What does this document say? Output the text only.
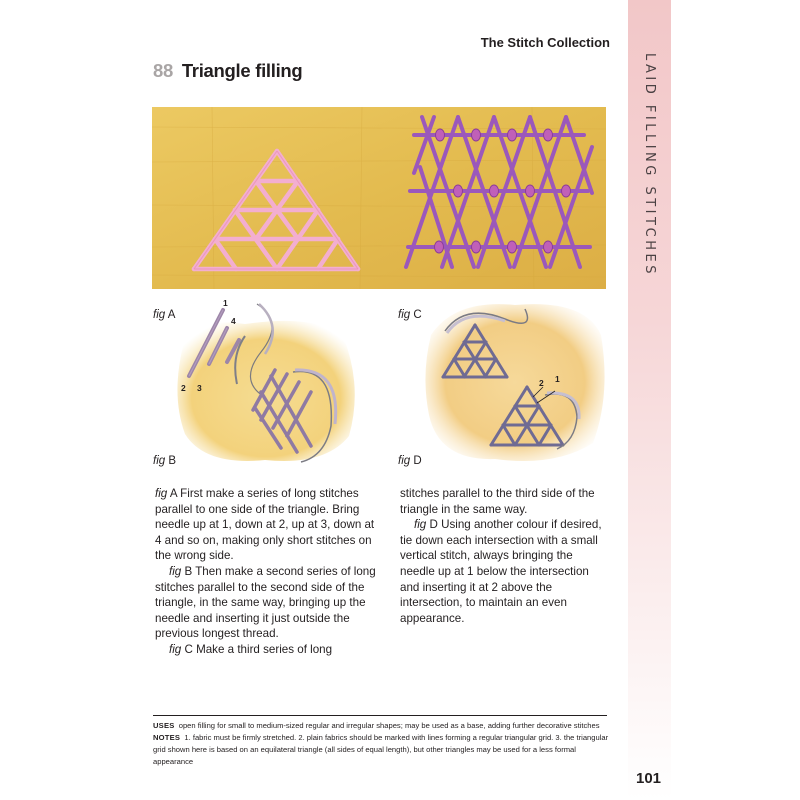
LAID FILLING STITCHES
The Stitch Collection
88 Triangle filling
fig A
fig B
fig C
fig D
1
4
2 3	2 1

fig A First make a series of long stitches parallel to one side of the triangle. Bring needle up at 1, down at 2, up at 3, down at 4 and so on, making only short stitches on the wrong side.

fig B Then make a second series of long stitches parallel to the second side of the triangle, in the same way, bringing up the needle and inserting it just outside the previous longest thread.

fig C Make a third series of long

stitches parallel to the third side of the triangle in the same way.

fig D Using another colour if desired, tie down each intersection with a small vertical stitch, always bringing the needle up at 1 below the intersection and inserting it at 2 above the intersection, to maintain an even appearance.

USES open filling for small to medium-sized regular and irregular shapes; may be used as a base, adding further decorative stitches

NOTES 1. fabric must be firmly stretched. 2. plain fabrics should be marked with lines forming a regular triangular grid. 3. the triangular grid shown here is based on an equilateral triangle (all sides of equal length), but other triangles may be used for a less formal appearance

101
